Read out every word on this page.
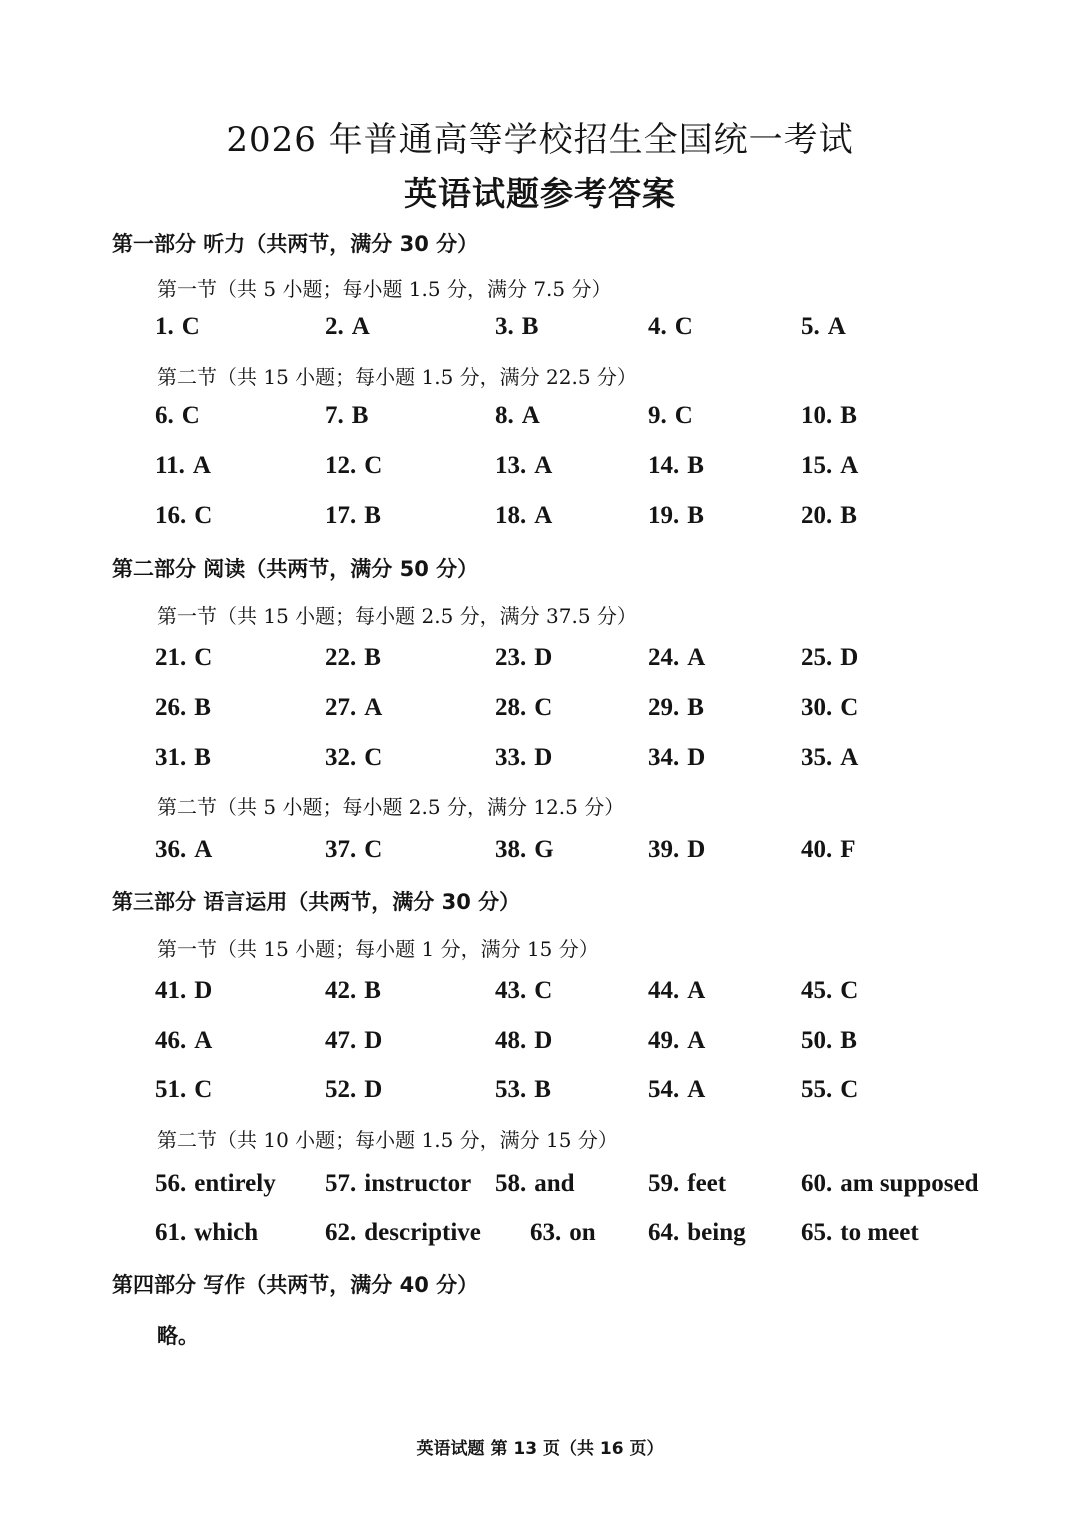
2026 年普通高等学校招生全国统一考试
英语试题参考答案
第一部分 听力（共两节，满分 30 分）
第一节（共 5 小题；每小题 1.5 分，满分 7.5 分）
1. C	2. A	3. B	4. C	5. A
第二节（共 15 小题；每小题 1.5 分，满分 22.5 分）
6. C	7. B	8. A	9. C	10. B
11. A	12. C	13. A	14. B	15. A
16. C	17. B	18. A	19. B	20. B
第二部分 阅读（共两节，满分 50 分）
第一节（共 15 小题；每小题 2.5 分，满分 37.5 分）
21. C	22. B	23. D	24. A	25. D
26. B	27. A	28. C	29. B	30. C
31. B	32. C	33. D	34. D	35. A
第二节（共 5 小题；每小题 2.5 分，满分 12.5 分）
36. A	37. C	38. G	39. D	40. F
第三部分 语言运用（共两节，满分 30 分）
第一节（共 15 小题；每小题 1 分，满分 15 分）
41. D	42. B	43. C	44. A	45. C
46. A	47. D	48. D	49. A	50. B
51. C	52. D	53. B	54. A	55. C
第二节（共 10 小题；每小题 1.5 分，满分 15 分）
56. entirely 57. instructor 58. and	59. feet	60. am supposed
61. which	62. descriptive 63. on 64. being 65. to meet
第四部分 写作（共两节，满分 40 分）
略。
英语试题 第 13 页（共 16 页）
